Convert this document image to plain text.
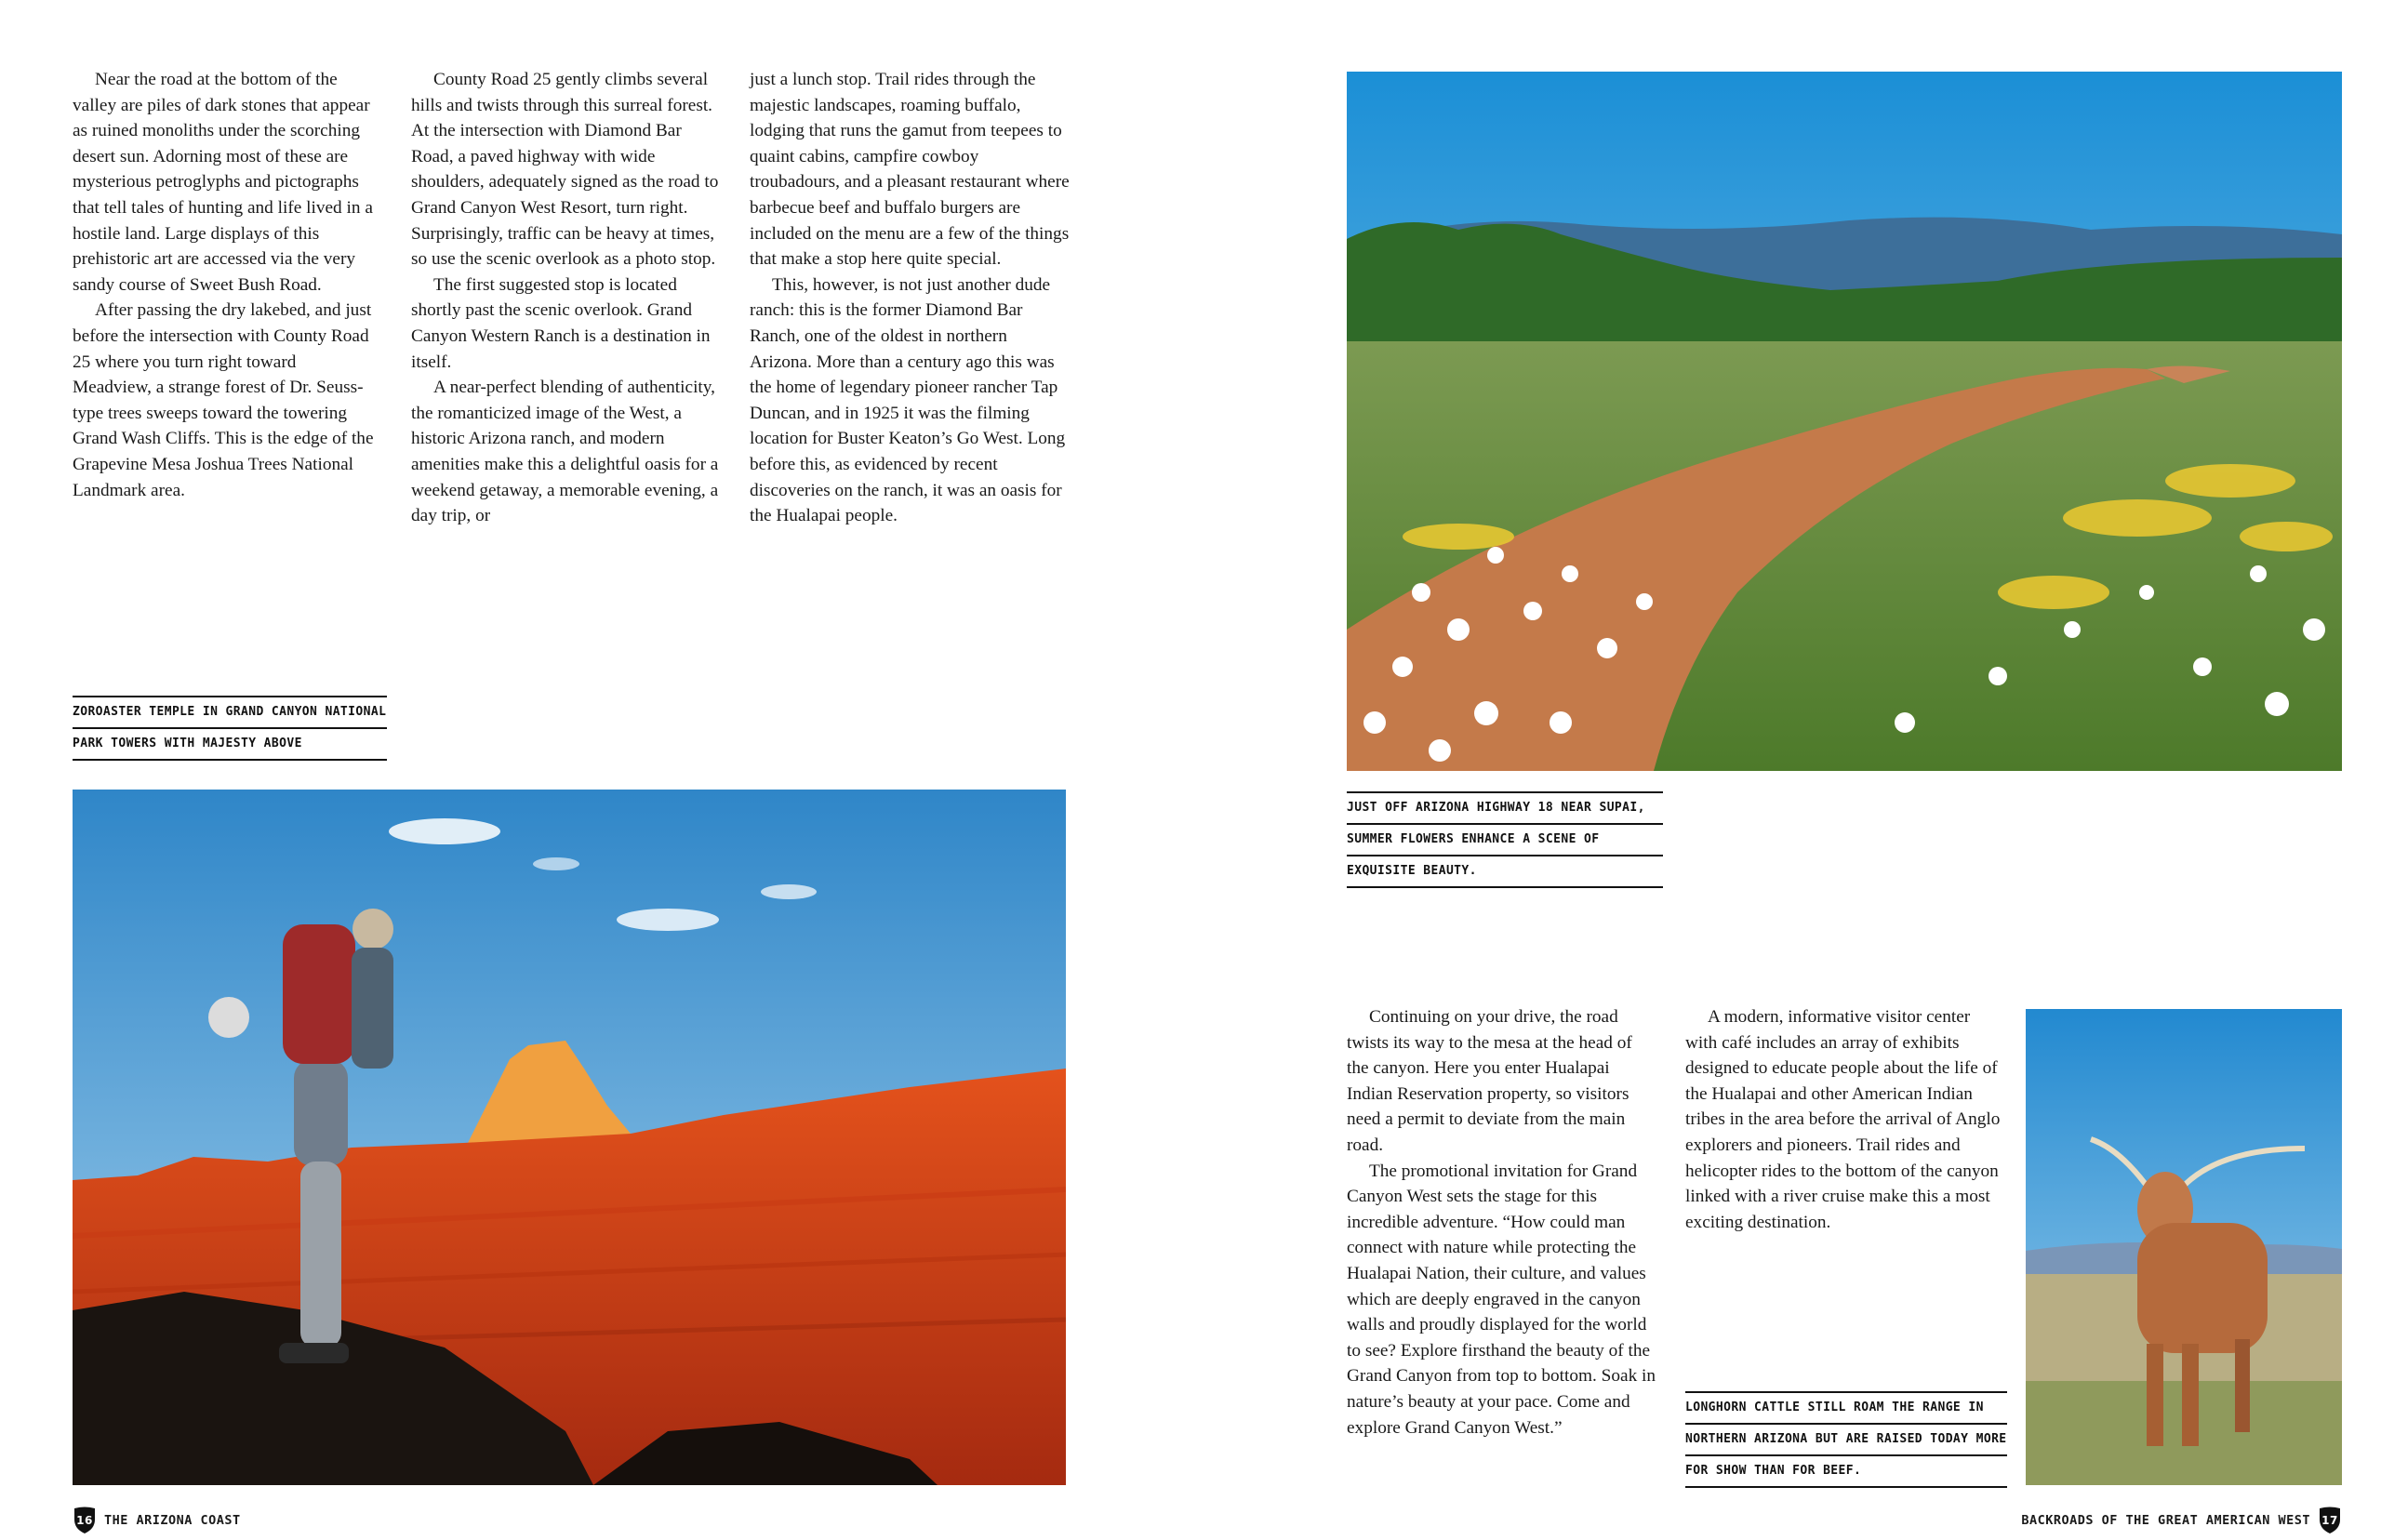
Near the road at the bottom of the valley are piles of dark stones that appear as ruined monoliths under the scorching desert sun. Adorning most of these are mysterious petroglyphs and pictographs that tell tales of hunting and life lived in a hostile land. Large displays of this prehistoric art are accessed via the very sandy course of Sweet Bush Road.

After passing the dry lakebed, and just before the intersection with County Road 25 where you turn right toward Meadview, a strange forest of Dr. Seuss-type trees sweeps toward the towering Grand Wash Cliffs. This is the edge of the Grapevine Mesa Joshua Trees National Landmark area.

County Road 25 gently climbs several hills and twists through this surreal forest. At the intersection with Diamond Bar Road, a paved highway with wide shoulders, adequately signed as the road to Grand Canyon West Resort, turn right. Surprisingly, traffic can be heavy at times, so use the scenic overlook as a photo stop.

The first suggested stop is located shortly past the scenic overlook. Grand Canyon Western Ranch is a destination in itself.

A near-perfect blending of authenticity, the romanticized image of the West, a historic Arizona ranch, and modern amenities make this a delightful oasis for a weekend getaway, a memorable evening, a day trip, or

just a lunch stop. Trail rides through the majestic landscapes, roaming buffalo, lodging that runs the gamut from teepees to quaint cabins, campfire cowboy troubadours, and a pleasant restaurant where barbecue beef and buffalo burgers are included on the menu are a few of the things that make a stop here quite special.

This, however, is not just another dude ranch: this is the former Diamond Bar Ranch, one of the oldest in northern Arizona. More than a century ago this was the home of legendary pioneer rancher Tap Duncan, and in 1925 it was the filming location for Buster Keaton’s Go West. Long before this, as evidenced by recent discoveries on the ranch, it was an oasis for the Hualapai people.

ZOROASTER TEMPLE IN GRAND CANYON NATIONAL
PARK TOWERS WITH MAJESTY ABOVE
16 THE ARIZONA COAST
JUST OFF ARIZONA HIGHWAY 18 NEAR SUPAI,
SUMMER FLOWERS ENHANCE A SCENE OF
EXQUISITE BEAUTY.

Continuing on your drive, the road twists its way to the mesa at the head of the canyon. Here you enter Hualapai Indian Reservation property, so visitors need a permit to deviate from the main road.

The promotional invitation for Grand Canyon West sets the stage for this incredible adventure. “How could man connect with nature while protecting the Hualapai Nation, their culture, and values which are deeply engraved in the canyon walls and proudly displayed for the world to see? Explore firsthand the beauty of the Grand Canyon from top to bottom. Soak in nature’s beauty at your pace. Come and explore Grand Canyon West.”

A modern, informative visitor center with café includes an array of exhibits designed to educate people about the life of the Hualapai and other American Indian tribes in the area before the arrival of Anglo explorers and pioneers. Trail rides and helicopter rides to the bottom of the canyon linked with a river cruise make this a most exciting destination.

LONGHORN CATTLE STILL ROAM THE RANGE IN
NORTHERN ARIZONA BUT ARE RAISED TODAY MORE
FOR SHOW THAN FOR BEEF.
BACKROADS OF THE GREAT AMERICAN WEST	17
